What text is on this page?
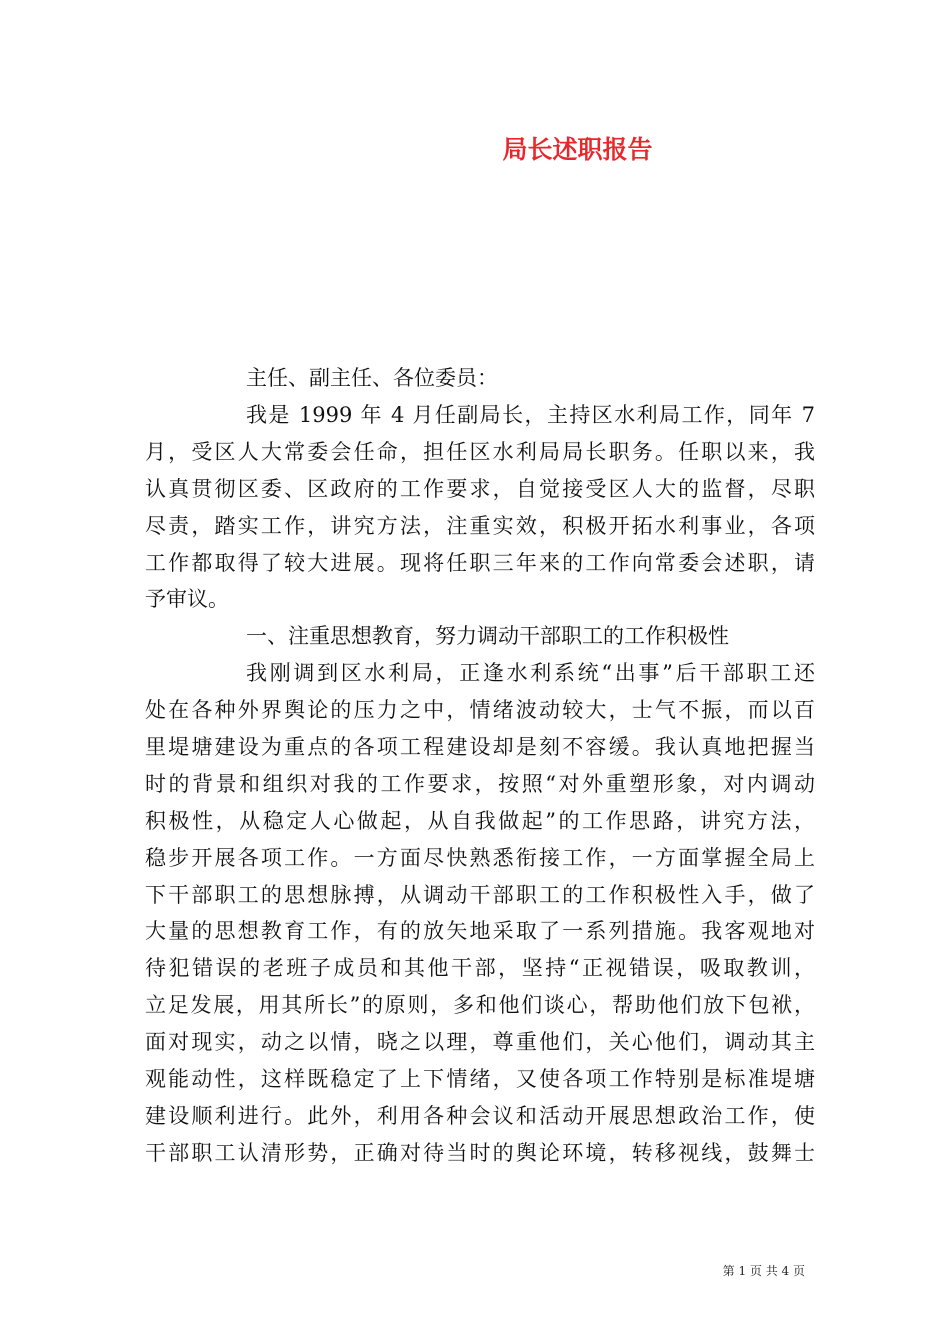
局长述职报告
主任、副主任、各位委员：
我是 1999 年 4 月任副局长，主持区水利局工作，同年 7
月，受区人大常委会任命，担任区水利局局长职务。任职以来，我
认真贯彻区委、区政府的工作要求，自觉接受区人大的监督，尽职
尽责，踏实工作，讲究方法，注重实效，积极开拓水利事业，各项
工作都取得了较大进展。现将任职三年来的工作向常委会述职，请
予审议。
一、注重思想教育，努力调动干部职工的工作积极性
我刚调到区水利局，正逢水利系统“出事”后干部职工还
处在各种外界舆论的压力之中，情绪波动较大，士气不振，而以百
里堤塘建设为重点的各项工程建设却是刻不容缓。我认真地把握当
时的背景和组织对我的工作要求，按照“对外重塑形象，对内调动
积极性，从稳定人心做起，从自我做起”的工作思路，讲究方法，
稳步开展各项工作。一方面尽快熟悉衔接工作，一方面掌握全局上
下干部职工的思想脉搏，从调动干部职工的工作积极性入手，做了
大量的思想教育工作，有的放矢地采取了一系列措施。我客观地对
待犯错误的老班子成员和其他干部，坚持“正视错误，吸取教训，
立足发展，用其所长”的原则，多和他们谈心，帮助他们放下包袱，
面对现实，动之以情，晓之以理，尊重他们，关心他们，调动其主
观能动性，这样既稳定了上下情绪，又使各项工作特别是标准堤塘
建设顺利进行。此外，利用各种会议和活动开展思想政治工作，使
干部职工认清形势，正确对待当时的舆论环境，转移视线，鼓舞士
第 1 页 共 4 页
